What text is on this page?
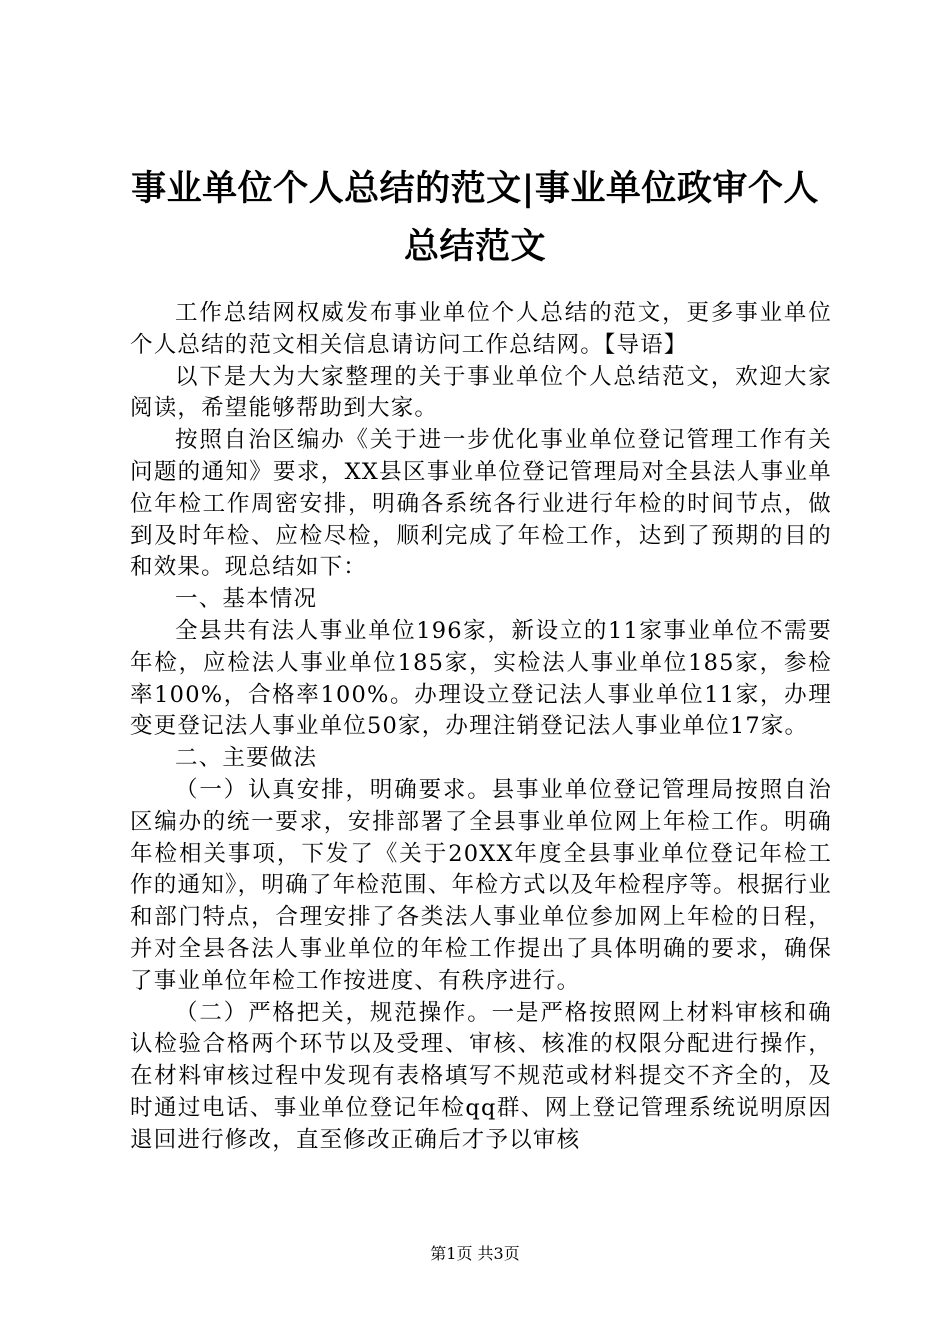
事业单位个人总结的范文|事业单位政审个人总结范文

工作总结网权威发布事业单位个人总结的范文，更多事业单位个人总结的范文相关信息请访问工作总结网。【导语】

以下是大为大家整理的关于事业单位个人总结范文，欢迎大家阅读，希望能够帮助到大家。

按照自治区编办《关于进一步优化事业单位登记管理工作有关问题的通知》要求，XX县区事业单位登记管理局对全县法人事业单位年检工作周密安排，明确各系统各行业进行年检的时间节点，做到及时年检、应检尽检，顺利完成了年检工作，达到了预期的目的和效果。现总结如下：

一、基本情况

全县共有法人事业单位196家，新设立的11家事业单位不需要年检，应检法人事业单位185家，实检法人事业单位185家，参检率100%，合格率100%。办理设立登记法人事业单位11家，办理变更登记法人事业单位50家，办理注销登记法人事业单位17家。

二、主要做法

（一）认真安排，明确要求。县事业单位登记管理局按照自治区编办的统一要求，安排部署了全县事业单位网上年检工作。明确年检相关事项，下发了《关于20XX年度全县事业单位登记年检工作的通知》，明确了年检范围、年检方式以及年检程序等。根据行业和部门特点，合理安排了各类法人事业单位参加网上年检的日程，并对全县各法人事业单位的年检工作提出了具体明确的要求，确保了事业单位年检工作按进度、有秩序进行。

（二）严格把关，规范操作。一是严格按照网上材料审核和确认检验合格两个环节以及受理、审核、核准的权限分配进行操作，在材料审核过程中发现有表格填写不规范或材料提交不齐全的，及时通过电话、事业单位登记年检qq群、网上登记管理系统说明原因退回进行修改，直至修改正确后才予以审核

第1页 共3页
